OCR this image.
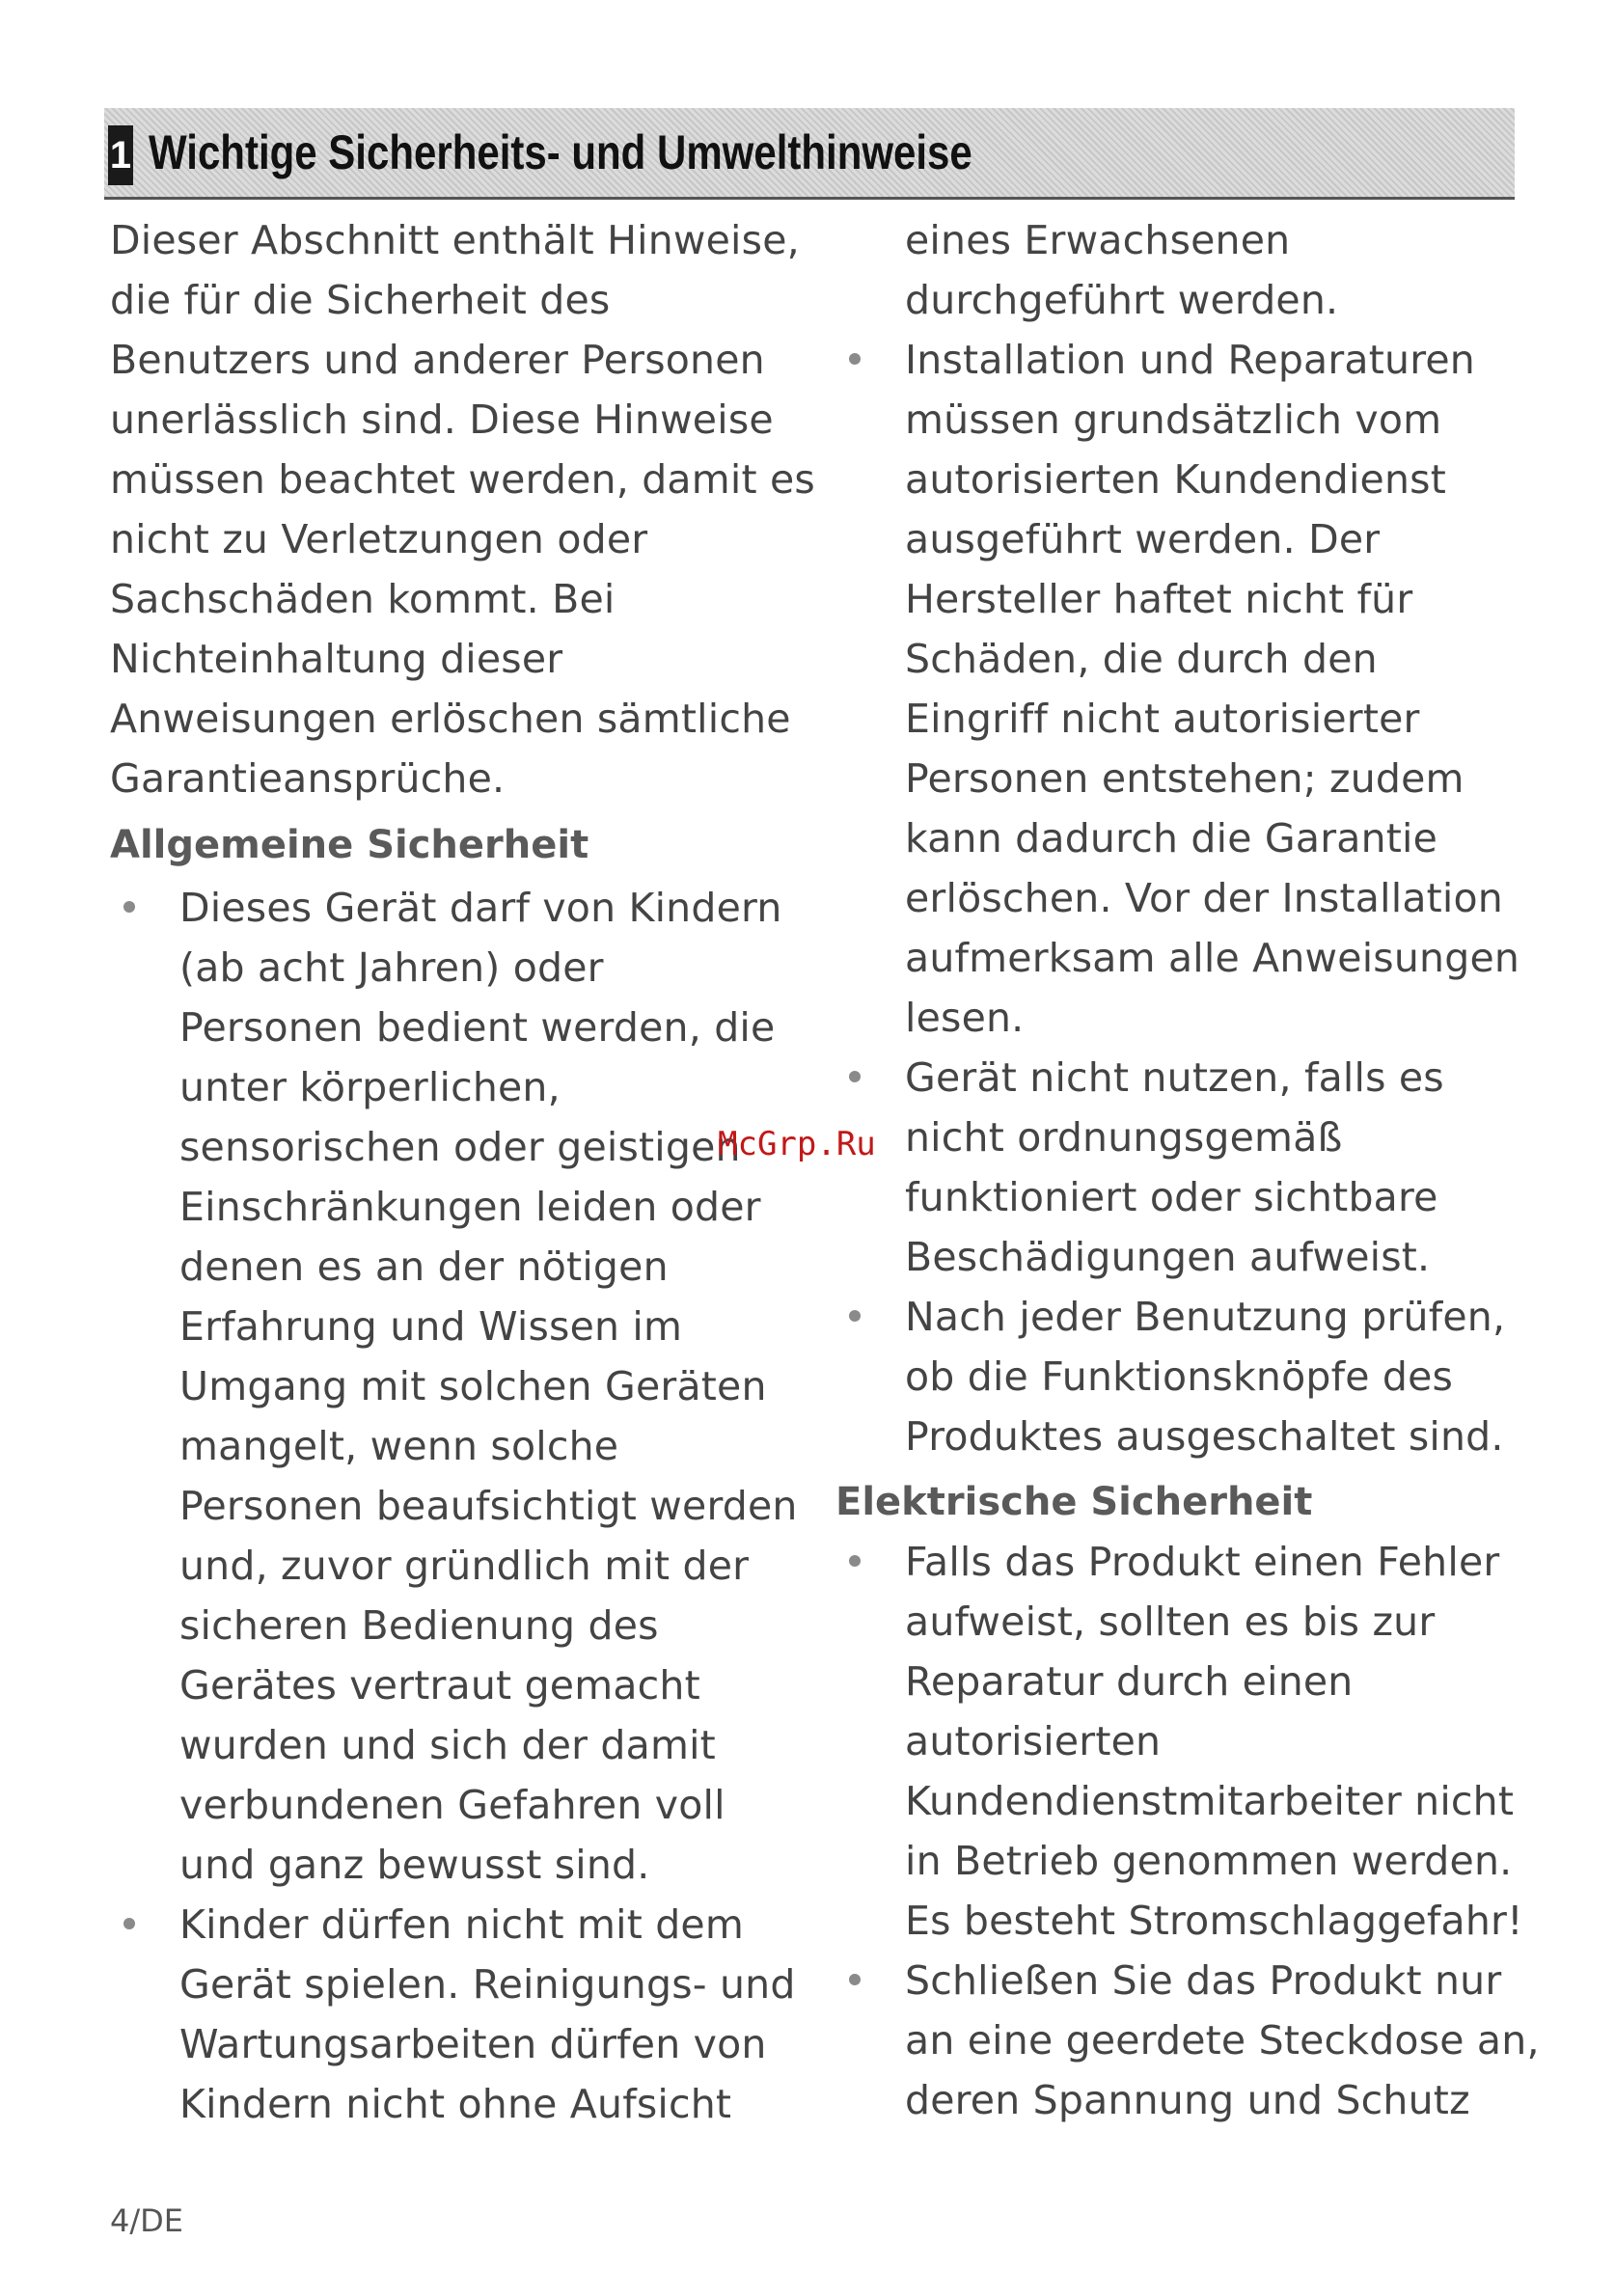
1 Wichtige Sicherheits- und Umwelthinweise
Dieser Abschnitt enthält Hinweise,
die für die Sicherheit des
Benutzers und anderer Personen
unerlässlich sind. Diese Hinweise
müssen beachtet werden, damit es
nicht zu Verletzungen oder
Sachschäden kommt. Bei
Nichteinhaltung dieser
Anweisungen erlöschen sämtliche
Garantieansprüche.
Allgemeine Sicherheit
Dieses Gerät darf von Kindern
(ab acht Jahren) oder
Personen bedient werden, die
unter körperlichen,
sensorischen oder geistigen
Einschränkungen leiden oder
denen es an der nötigen
Erfahrung und Wissen im
Umgang mit solchen Geräten
mangelt, wenn solche
Personen beaufsichtigt werden
und, zuvor gründlich mit der
sicheren Bedienung des
Gerätes vertraut gemacht
wurden und sich der damit
verbundenen Gefahren voll
und ganz bewusst sind.
Kinder dürfen nicht mit dem
Gerät spielen. Reinigungs- und
Wartungsarbeiten dürfen von
Kindern nicht ohne Aufsicht
eines Erwachsenen
durchgeführt werden.
Installation und Reparaturen
müssen grundsätzlich vom
autorisierten Kundendienst
ausgeführt werden. Der
Hersteller haftet nicht für
Schäden, die durch den
Eingriff nicht autorisierter
Personen entstehen; zudem
kann dadurch die Garantie
erlöschen. Vor der Installation
aufmerksam alle Anweisungen
lesen.
Gerät nicht nutzen, falls es
nicht ordnungsgemäß
funktioniert oder sichtbare
Beschädigungen aufweist.
Nach jeder Benutzung prüfen,
ob die Funktionsknöpfe des
Produktes ausgeschaltet sind.
Elektrische Sicherheit
Falls das Produkt einen Fehler
aufweist, sollten es bis zur
Reparatur durch einen
autorisierten
Kundendienstmitarbeiter nicht
in Betrieb genommen werden.
Es besteht Stromschlaggefahr!
Schließen Sie das Produkt nur
an eine geerdete Steckdose an,
deren Spannung und Schutz
McGrp.Ru
4/DE
